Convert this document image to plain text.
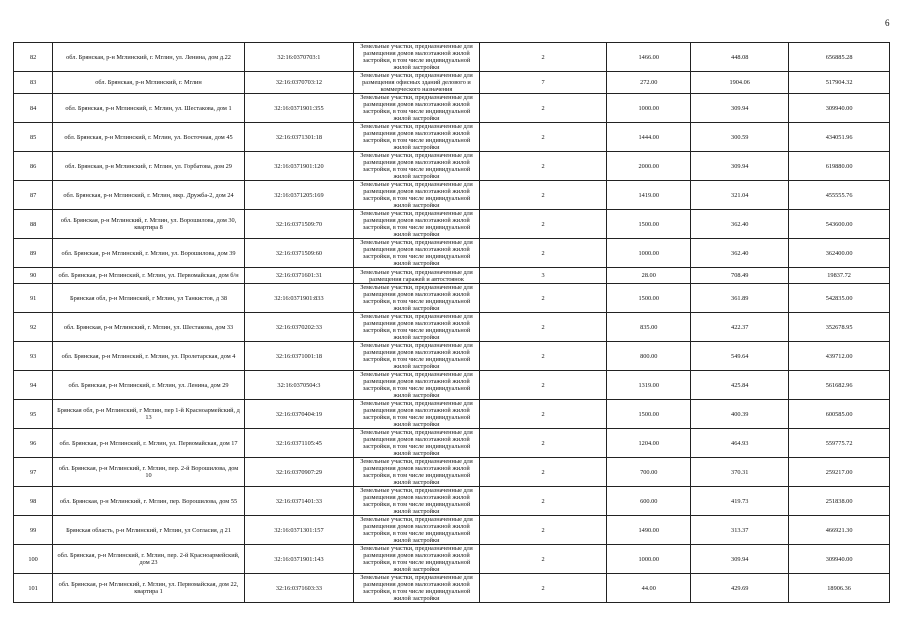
6
82	обл. Брянская, р-н Мглинский, г. Мглин, ул. Ленина, дом д.22	32:16:0370703:1	Земельные участки, предназначенные для размещения домов малоэтажной жилой застройки, в том числе индивидуальной жилой застройки	2	1466.00	448.08	656885.28
83	обл. Брянская, р-н Мглинский, г. Мглин	32:16:0370703:12	Земельные участки, предназначенные для размещения офисных зданий делового и коммерческого назначения	7	272.00	1904.06	517904.32
84	обл. Брянская, р-н Мглинский, г. Мглин, ул. Шестакова, дом 1	32:16:0371901:355	Земельные участки, предназначенные для размещения домов малоэтажной жилой застройки, в том числе индивидуальной жилой застройки	2	1000.00	309.94	309940.00
85	обл. Брянская, р-н Мглинский, г. Мглин, ул. Восточная, дом 45	32:16:0371301:18	Земельные участки, предназначенные для размещения домов малоэтажной жилой застройки, в том числе индивидуальной жилой застройки	2	1444.00	300.59	434051.96
86	обл. Брянская, р-н Мглинский, г. Мглин, ул. Горбатова, дом 29	32:16:0371901:120	Земельные участки, предназначенные для размещения домов малоэтажной жилой застройки, в том числе индивидуальной жилой застройки	2	2000.00	309.94	619880.00
87	обл. Брянская, р-н Мглинский, г. Мглин, мкр. Дружба-2, дом 24	32:16:0371205:169	Земельные участки, предназначенные для размещения домов малоэтажной жилой застройки, в том числе индивидуальной жилой застройки	2	1419.00	321.04	455555.76
88	обл. Брянская, р-н Мглинский, г. Мглин, ул. Ворошилова, дом 30, квартира 8	32:16:0371509:70	Земельные участки, предназначенные для размещения домов малоэтажной жилой застройки, в том числе индивидуальной жилой застройки	2	1500.00	362.40	543600.00
89	обл. Брянская, р-н Мглинский, г. Мглин, ул. Ворошилова, дом 39	32:16:0371509:60	Земельные участки, предназначенные для размещения домов малоэтажной жилой застройки, в том числе индивидуальной жилой застройки	2	1000.00	362.40	362400.00
90	обл. Брянская, р-н Мглинский, г. Мглин, ул. Первомайская, дом б/н	32:16:0371601:31	Земельные участки, предназначенные для размещения гаражей и автостоянок	3	28.00	708.49	19837.72
91	Брянская обл, р-н Мглинский, г Мглин, ул Танкистов, д 38	32:16:0371901:833	Земельные участки, предназначенные для размещения домов малоэтажной жилой застройки, в том числе индивидуальной жилой застройки	2	1500.00	361.89	542835.00
92	обл. Брянская, р-н Мглинский, г. Мглин, ул. Шестакова, дом 33	32:16:0370202:33	Земельные участки, предназначенные для размещения домов малоэтажной жилой застройки, в том числе индивидуальной жилой застройки	2	835.00	422.37	352678.95
93	обл. Брянская, р-н Мглинский, г. Мглин, ул. Пролетарская, дом 4	32:16:0371001:18	Земельные участки, предназначенные для размещения домов малоэтажной жилой застройки, в том числе индивидуальной жилой застройки	2	800.00	549.64	439712.00
94	обл. Брянская, р-н Мглинский, г. Мглин, ул. Ленина, дом 29	32:16:0370504:3	Земельные участки, предназначенные для размещения домов малоэтажной жилой застройки, в том числе индивидуальной жилой застройки	2	1319.00	425.84	561682.96
95	Брянская обл, р-н Мглинский, г Мглин, пер 1-й Красноармейский, д 13	32:16:0370404:19	Земельные участки, предназначенные для размещения домов малоэтажной жилой застройки, в том числе индивидуальной жилой застройки	2	1500.00	400.39	600585.00
96	обл. Брянская, р-н Мглинский, г. Мглин, ул. Первомайская, дом 17	32:16:0371105:45	Земельные участки, предназначенные для размещения домов малоэтажной жилой застройки, в том числе индивидуальной жилой застройки	2	1204.00	464.93	559775.72
97	обл. Брянская, р-н Мглинский, г. Мглин, пер. 2-й Ворошилова, дом 10	32:16:0370907:29	Земельные участки, предназначенные для размещения домов малоэтажной жилой застройки, в том числе индивидуальной жилой застройки	2	700.00	370.31	259217.00
98	обл. Брянская, р-н Мглинский, г. Мглин, пер. Ворошилова, дом 55	32:16:0371401:33	Земельные участки, предназначенные для размещения домов малоэтажной жилой застройки, в том числе индивидуальной жилой застройки	2	600.00	419.73	251838.00
99	Брянская область, р-н Мглинский, г Мглин, ул Согласия, д 21	32:16:0371301:157	Земельные участки, предназначенные для размещения домов малоэтажной жилой застройки, в том числе индивидуальной жилой застройки	2	1490.00	313.37	466921.30
100	обл. Брянская, р-н Мглинский, г. Мглин, пер. 2-й Красноармейский, дом 23	32:16:0371901:143	Земельные участки, предназначенные для размещения домов малоэтажной жилой застройки, в том числе индивидуальной жилой застройки	2	1000.00	309.94	309940.00
101	обл. Брянская, р-н Мглинский, г. Мглин, ул. Первомайская, дом 22, квартира 1	32:16:0371603:33	Земельные участки, предназначенные для размещения домов малоэтажной жилой застройки, в том числе индивидуальной жилой застройки	2	44.00	429.69	18906.36
